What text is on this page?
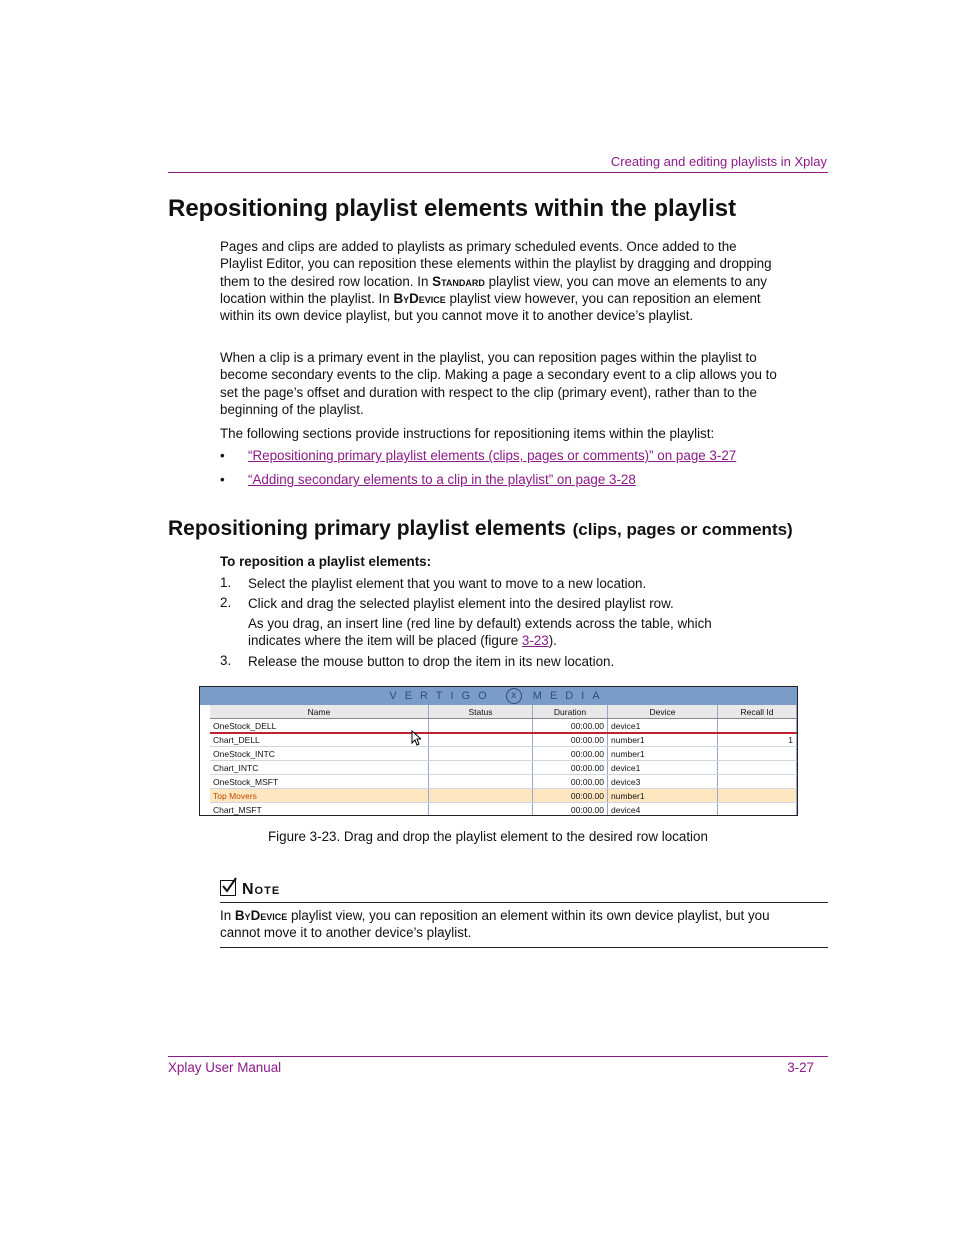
Creating and editing playlists in Xplay
Repositioning playlist elements within the playlist

Pages and clips are added to playlists as primary scheduled events. Once added to the Playlist Editor, you can reposition these elements within the playlist by dragging and dropping them to the desired row location. In Standard playlist view, you can move an elements to any location within the playlist. In ByDevice playlist view however, you can reposition an element within its own device playlist, but you cannot move it to another device’s playlist.

When a clip is a primary event in the playlist, you can reposition pages within the playlist to become secondary events to the clip. Making a page a secondary event to a clip allows you to set the page’s offset and duration with respect to the clip (primary event), rather than to the beginning of the playlist.

The following sections provide instructions for repositioning items within the playlist:

• “Repositioning primary playlist elements (clips, pages or comments)” on page 3-27
• “Adding secondary elements to a clip in the playlist” on page 3-28
Repositioning primary playlist elements (clips, pages or comments)
To reposition a playlist elements:
1. Select the playlist element that you want to move to a new location.
2. Click and drag the selected playlist element into the desired playlist row.
As you drag, an insert line (red line by default) extends across the table, which indicates where the item will be placed (figure 3-23).
3. Release the mouse button to drop the item in its new location.
VERTIGO x MEDIA
Name	Status	Duration	Device	Recall Id
OneStock_DELL		00:00.00	device1	
Chart_DELL		00:00.00	number1	1
OneStock_INTC		00:00.00	number1	
Chart_INTC		00:00.00	device1	
OneStock_MSFT		00:00.00	device3	
Top Movers		00:00.00	number1	
Chart_MSFT		00:00.00	device4	
Figure 3-23. Drag and drop the playlist element to the desired row location
Note
In ByDevice playlist view, you can reposition an element within its own device playlist, but you cannot move it to another device’s playlist.
Xplay User Manual	3-27
